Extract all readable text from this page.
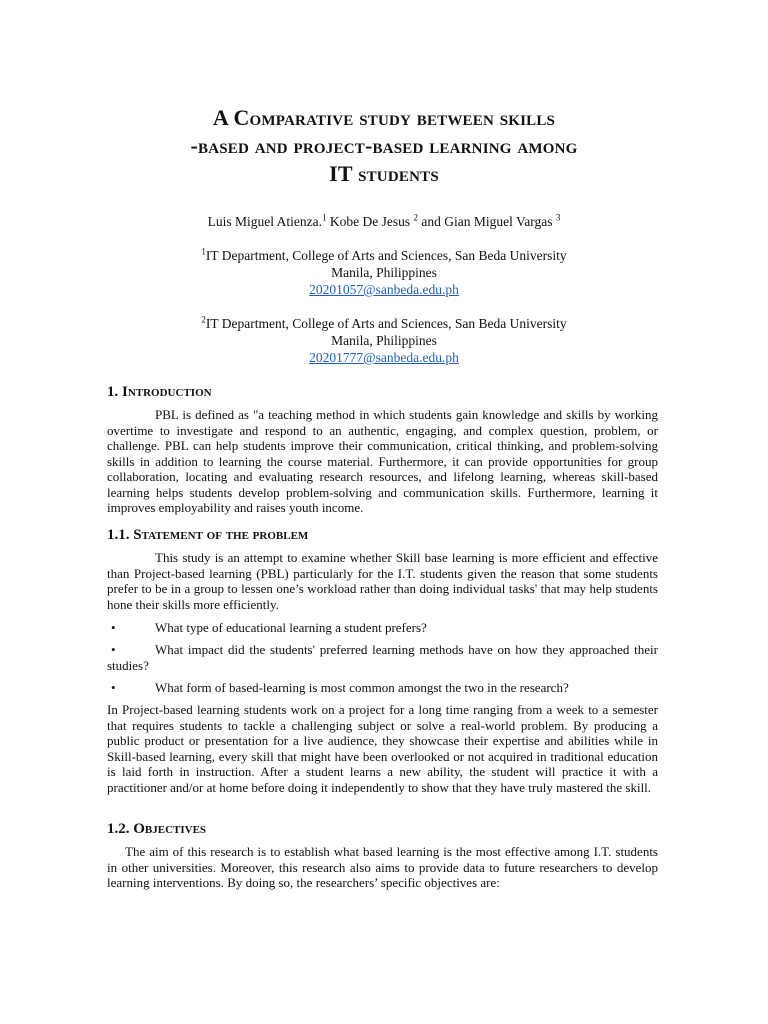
A Comparative study between skills
-based and project-based learning among
IT students
Luis Miguel Atienza.$^1$ Kobe De Jesus $^2$ and Gian Miguel Vargas $^3$
$^1$IT Department, College of Arts and Sciences, San Beda University
Manila, Philippines
20201057@sanbeda.edu.ph
$^2$IT Department, College of Arts and Sciences, San Beda University
Manila, Philippines
20201777@sanbeda.edu.ph
1. Introduction
PBL is defined as "a teaching method in which students gain knowledge and skills by working overtime to investigate and respond to an authentic, engaging, and complex question, problem, or challenge. PBL can help students improve their communication, critical thinking, and problem-solving skills in addition to learning the course material. Furthermore, it can provide opportunities for group collaboration, locating and evaluating research resources, and lifelong learning, whereas skill-based learning helps students develop problem-solving and communication skills. Furthermore, learning it improves employability and raises youth income.
1.1. Statement of the problem
This study is an attempt to examine whether Skill base learning is more efficient and effective than Project-based learning (PBL) particularly for the I.T. students given the reason that some students prefer to be in a group to lessen one’s workload rather than doing individual tasks' that may help students hone their skills more efficiently.
•	What type of educational learning a student prefers?
•	What impact did the students' preferred learning methods have on how they approached their studies?
•	What form of based-learning is most common amongst the two in the research?
In Project-based learning students work on a project for a long time ranging from a week to a semester that requires students to tackle a challenging subject or solve a real-world problem. By producing a public product or presentation for a live audience, they showcase their expertise and abilities while in Skill-based learning, every skill that might have been overlooked or not acquired in traditional education is laid forth in instruction. After a student learns a new ability, the student will practice it with a practitioner and/or at home before doing it independently to show that they have truly mastered the skill.
1.2. Objectives
The aim of this research is to establish what based learning is the most effective among I.T. students in other universities. Moreover, this research also aims to provide data to future researchers to develop learning interventions. By doing so, the researchers’ specific objectives are:
